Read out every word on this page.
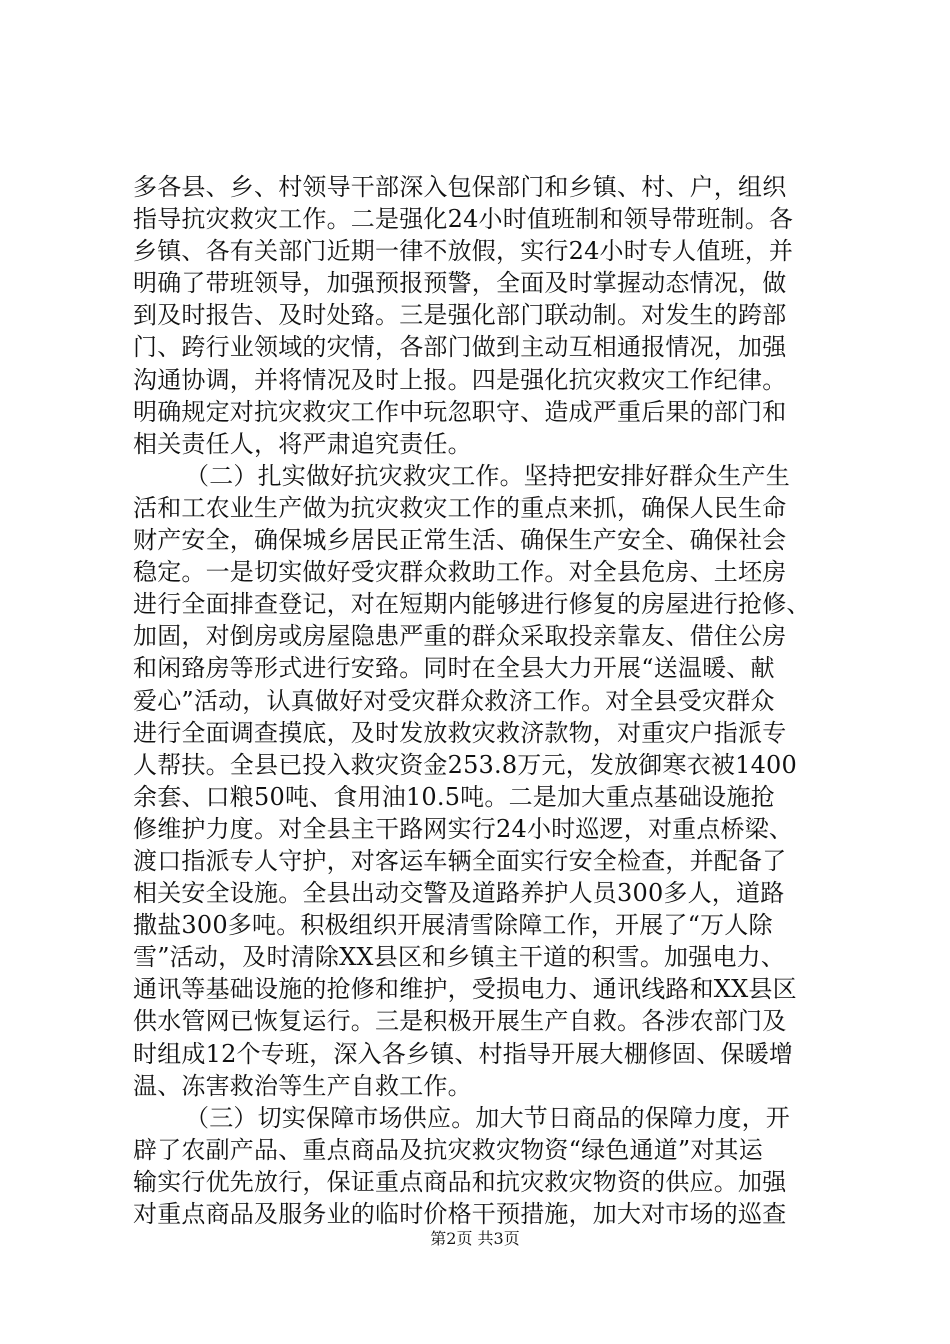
多各县、乡、村领导干部深入包保部门和乡镇、村、户，组织
指导抗灾救灾工作。二是强化24小时值班制和领导带班制。各
乡镇、各有关部门近期一律不放假，实行24小时专人值班，并
明确了带班领导，加强预报预警，全面及时掌握动态情况，做
到及时报告、及时处臵。三是强化部门联动制。对发生的跨部
门、跨行业领域的灾情，各部门做到主动互相通报情况，加强
沟通协调，并将情况及时上报。四是强化抗灾救灾工作纪律。
明确规定对抗灾救灾工作中玩忽职守、造成严重后果的部门和
相关责任人，将严肃追究责任。
（二）扎实做好抗灾救灾工作。坚持把安排好群众生产生
活和工农业生产做为抗灾救灾工作的重点来抓，确保人民生命
财产安全，确保城乡居民正常生活、确保生产安全、确保社会
稳定。一是切实做好受灾群众救助工作。对全县危房、土坯房
进行全面排查登记，对在短期内能够进行修复的房屋进行抢修、
加固，对倒房或房屋隐患严重的群众采取投亲靠友、借住公房
和闲臵房等形式进行安臵。同时在全县大力开展“送温暖、献
爱心”活动，认真做好对受灾群众救济工作。对全县受灾群众
进行全面调查摸底，及时发放救灾救济款物，对重灾户指派专
人帮扶。全县已投入救灾资金253.8万元，发放御寒衣被1400
余套、口粮50吨、食用油10.5吨。二是加大重点基础设施抢
修维护力度。对全县主干路网实行24小时巡逻，对重点桥梁、
渡口指派专人守护，对客运车辆全面实行安全检查，并配备了
相关安全设施。全县出动交警及道路养护人员300多人，道路
撒盐300多吨。积极组织开展清雪除障工作，开展了“万人除
雪”活动，及时清除XX县区和乡镇主干道的积雪。加强电力、
通讯等基础设施的抢修和维护，受损电力、通讯线路和XX县区
供水管网已恢复运行。三是积极开展生产自救。各涉农部门及
时组成12个专班，深入各乡镇、村指导开展大棚修固、保暖增
温、冻害救治等生产自救工作。
（三）切实保障市场供应。加大节日商品的保障力度，开
辟了农副产品、重点商品及抗灾救灾物资“绿色通道”对其运
输实行优先放行，保证重点商品和抗灾救灾物资的供应。加强
对重点商品及服务业的临时价格干预措施，加大对市场的巡查
第2页 共3页
